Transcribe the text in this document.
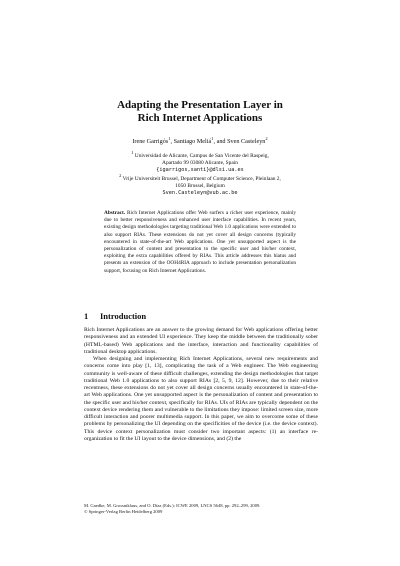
Adapting the Presentation Layer in
Rich Internet Applications
Irene Garrigós$^1$, Santiago Meliá$^1$, and Sven Casteleyn$^2$
$^1$ Universidad de Alicante, Campus de San Vicente del Raspeig,
Apartado 99 03080 Alicante, Spain
{igarrigos,santi}@dlsi.ua.es
$^2$ Vrije Universiteit Brussel, Department of Computer Science, Pleinlaan 2,
1050 Brussel, Belgium
Sven.Casteleyn@vub.ac.be
Abstract. Rich Internet Applications offer Web surfers a richer user experience, mainly due to better responsiveness and enhanced user interface capabilities. In recent years, existing design methodologies targeting traditional Web 1.0 applications were extended to also support RIAs. These extensions do not yet cover all design concerns (typically encountered in state-of-the-art Web applications. One yet unsupported aspect is the personalization of content and presentation to the specific user and his/her context, exploiting the extra capabilities offered by RIAs. This article addresses this hiatus and presents an extension of the OOH4RIA approach to include presentation personalization support, focusing on Rich Internet Applications.
1 Introduction

Rich Internet Applications are an answer to the growing demand for Web applications offering better responsiveness and an extended UI experience. They keep the middle between the traditionally sober (HTML-based) Web applications and the interface, interaction and functionality capabilities of traditional desktop applications.

When designing and implementing Rich Internet Applications, several new requirements and concerns come into play [1, 13], complicating the task of a Web engineer. The Web engineering community is well-aware of these difficult challenges, extending the design methodologies that target traditional Web 1.0 applications to also support RIAs [2, 5, 9, 12]. However, due to their relative recentness, these extensions do not yet cover all design concerns usually encountered in state-of-the-art Web applications. One yet unsupported aspect is the personalization of content and presentation to the specific user and his/her context, specifically for RIAs. UIs of RIAs are typically dependent on the context device rendering them and vulnerable to the limitations they impose: limited screen size, more difficult interaction and poorer multimedia support. In this paper, we aim to overcome some of these problems by personalizing the UI depending on the specificities of the device (i.e. the device context). This device context personalization must consider two important aspects: (1) an interface re-organization to fit the UI layout to the device dimensions, and (2) the

M. Gaedke, M. Grossniklaus, and O. Díaz (Eds.): ICWE 2009, LNCS 5648, pp. 292–299, 2009.
© Springer-Verlag Berlin Heidelberg 2009
